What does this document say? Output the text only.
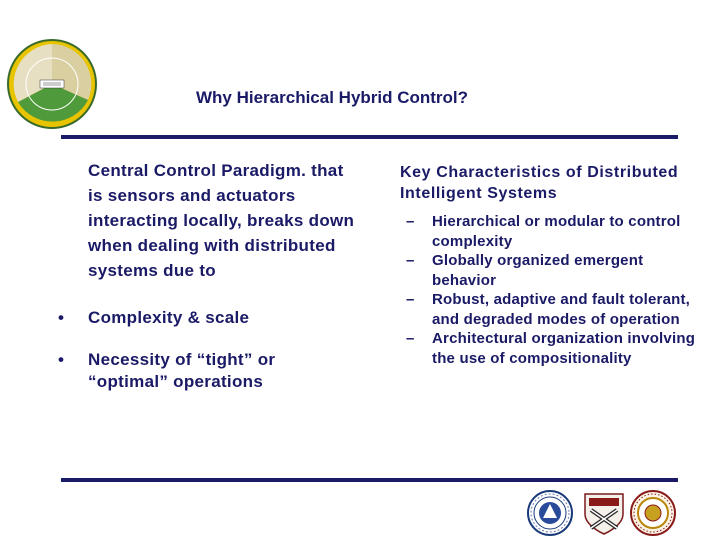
Why Hierarchical Hybrid Control?
Central Control Paradigm. that is sensors and actuators interacting locally, breaks down when dealing with distributed systems due to
• Complexity & scale
• Necessity of “tight” or “optimal” operations
Key Characteristics of Distributed Intelligent Systems
– Hierarchical or modular to control complexity
– Globally organized emergent behavior
– Robust, adaptive and fault tolerant, and degraded modes of operation
– Architectural organization involving the use of compositionality
